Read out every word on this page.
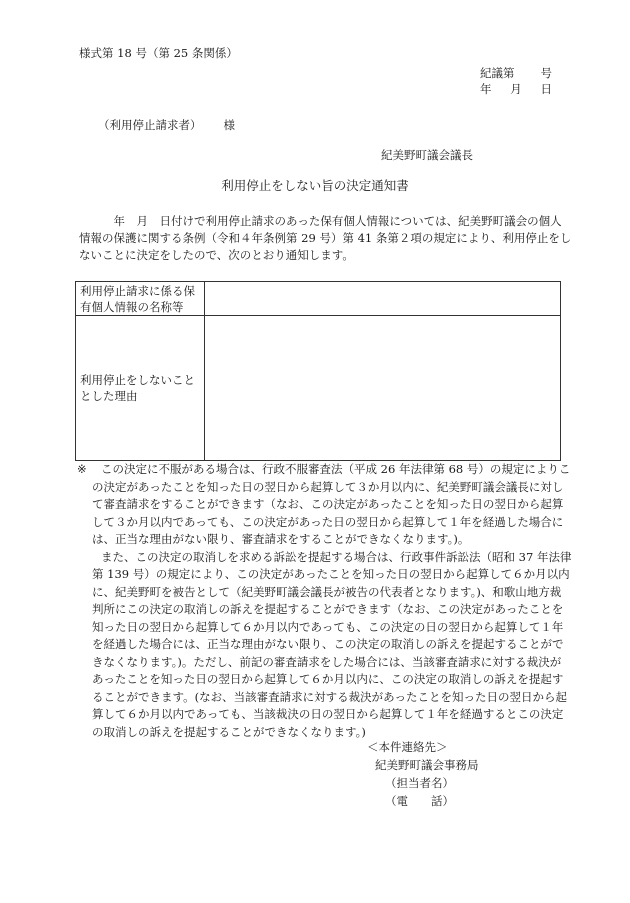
様式第 18 号（第 25 条関係）
紀議第 号
年 月 日
（利用停止請求者） 様
紀美野町議会議長
利用停止をしない旨の決定通知書
　　　年　月　日付けで利用停止請求のあった保有個人情報については、紀美野町議会の個人
情報の保護に関する条例（令和４年条例第 29 号）第 41 条第２項の規定により、利用停止をし
ないことに決定をしたので、次のとおり通知します。
利用停止請求に係る保
有個人情報の名称等	

利用停止をしないこと
とした理由	

※	この決定に不服がある場合は、行政不服審査法（平成 26 年法律第 68 号）の規定によりこ
の決定があったことを知った日の翌日から起算して３か月以内に、紀美野町議会議長に対し
て審査請求をすることができます（なお、この決定があったことを知った日の翌日から起算
して３か月以内であっても、この決定があった日の翌日から起算して１年を経過した場合に
は、正当な理由がない限り、審査請求をすることができなくなります。)。
また、この決定の取消しを求める訴訟を提起する場合は、行政事件訴訟法（昭和 37 年法律
第 139 号）の規定により、この決定があったことを知った日の翌日から起算して６か月以内
に、紀美野町を被告として（紀美野町議会議長が被告の代表者となります。)、和歌山地方裁
判所にこの決定の取消しの訴えを提起することができます（なお、この決定があったことを
知った日の翌日から起算して６か月以内であっても、この決定の日の翌日から起算して１年
を経過した場合には、正当な理由がない限り、この決定の取消しの訴えを提起することがで
きなくなります。)。ただし、前記の審査請求をした場合には、当該審査請求に対する裁決が
あったことを知った日の翌日から起算して６か月以内に、この決定の取消しの訴えを提起す
ることができます。(なお、当該審査請求に対する裁決があったことを知った日の翌日から起
算して６か月以内であっても、当該裁決の日の翌日から起算して１年を経過するとこの決定
の取消しの訴えを提起することができなくなります。)
＜本件連絡先＞
紀美野町議会事務局
（担当者名）
（電　　話）
